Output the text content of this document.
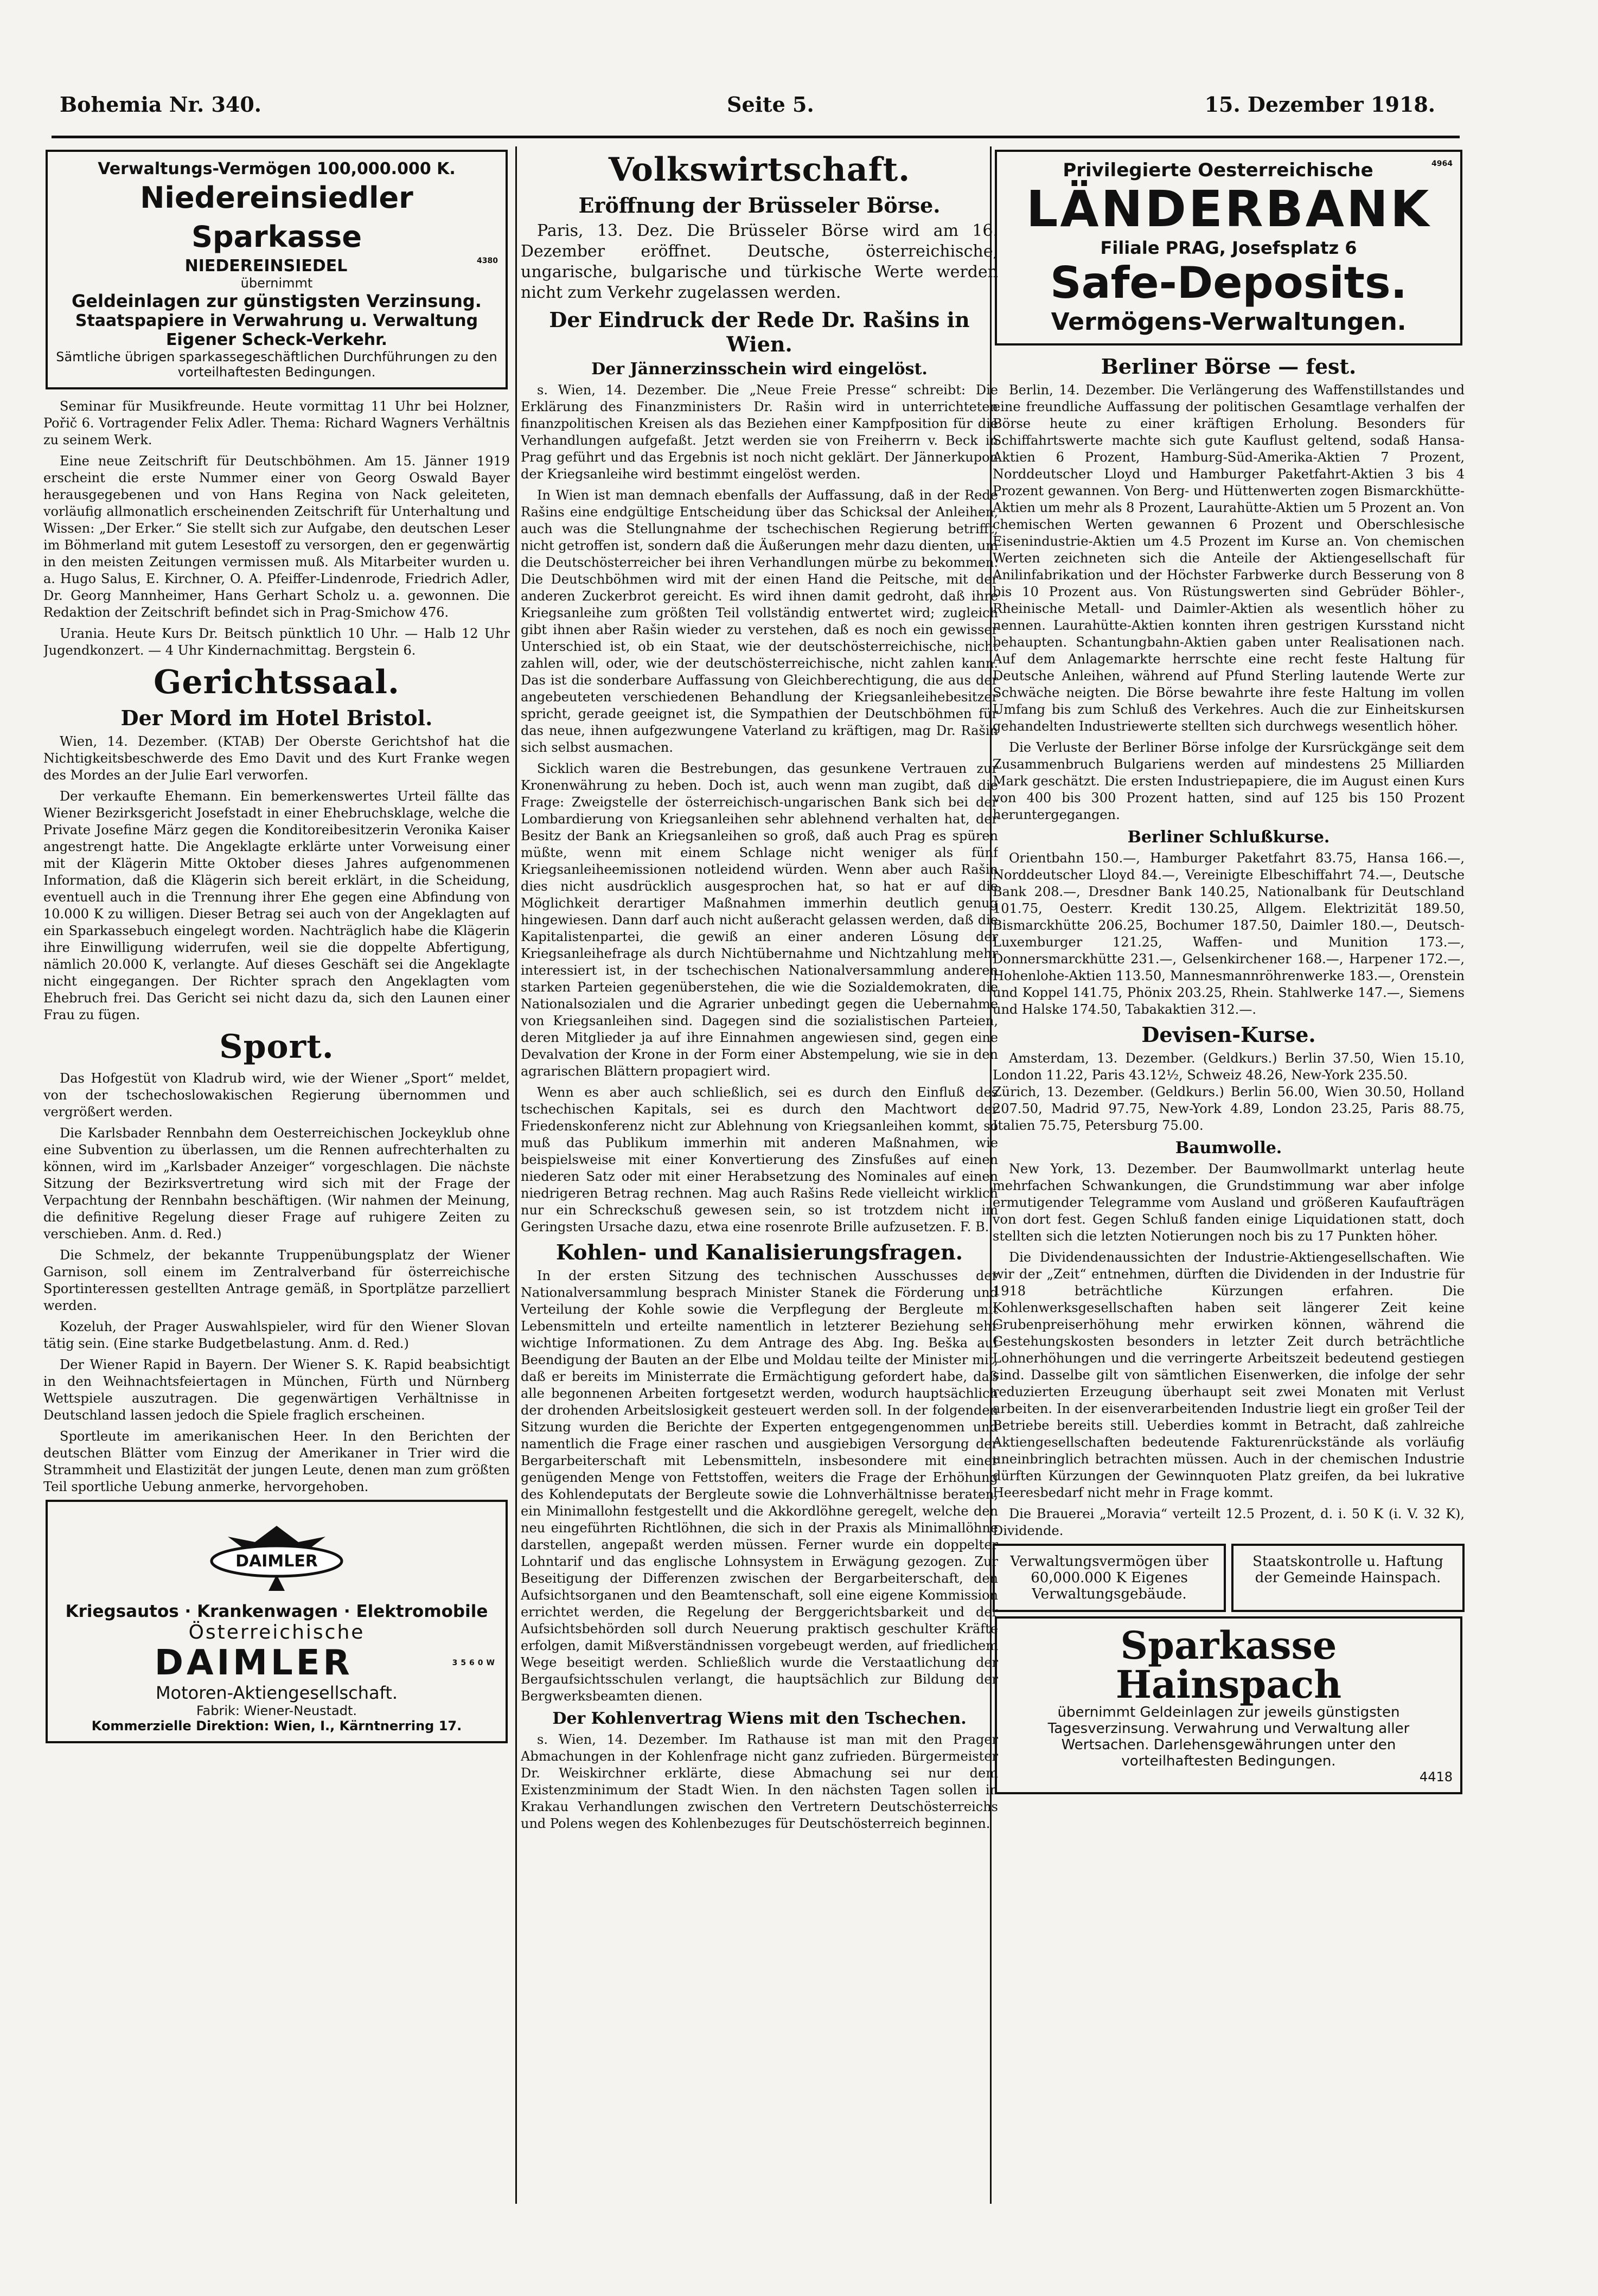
Bohemia Nr. 340.	Seite 5.	15. Dezember 1918.
Verwaltungs-Vermögen 100,000.000 K.
Niedereinsiedler Sparkasse
NIEDEREINSIEDEL	4380
übernimmt
Geldeinlagen zur günstigsten Verzinsung.
Staatspapiere in Verwahrung u. Verwaltung
Eigener Scheck-Verkehr.
Sämtliche übrigen sparkassegeschäftlichen Durchführungen zu den vorteilhaftesten Bedingungen.

Seminar für Musikfreunde. Heute vormittag 11 Uhr bei Holzner, Pořič 6. Vortragender Felix Adler. Thema: Richard Wagners Verhältnis zu seinem Werk.

Eine neue Zeitschrift für Deutschböhmen. Am 15. Jänner 1919 erscheint die erste Nummer einer von Georg Oswald Bayer herausgegebenen und von Hans Regina von Nack geleiteten, vorläufig allmonatlich erscheinenden Zeitschrift für Unterhaltung und Wissen: „Der Erker.“ Sie stellt sich zur Aufgabe, den deutschen Leser im Böhmerland mit gutem Lesestoff zu versorgen, den er gegenwärtig in den meisten Zeitungen vermissen muß. Als Mitarbeiter wurden u. a. Hugo Salus, E. Kirchner, O. A. Pfeiffer-Lindenrode, Friedrich Adler, Dr. Georg Mannheimer, Hans Gerhart Scholz u. a. gewonnen. Die Redaktion der Zeitschrift befindet sich in Prag-Smichow 476.

Urania. Heute Kurs Dr. Beitsch pünktlich 10 Uhr. — Halb 12 Uhr Jugendkonzert. — 4 Uhr Kindernachmittag. Bergstein 6.

Gerichtssaal.
Der Mord im Hotel Bristol.

Wien, 14. Dezember. (KTAB) Der Oberste Gerichtshof hat die Nichtigkeitsbeschwerde des Emo Davit und des Kurt Franke wegen des Mordes an der Julie Earl verworfen.

Der verkaufte Ehemann. Ein bemerkenswertes Urteil fällte das Wiener Bezirksgericht Josefstadt in einer Ehebruchsklage, welche die Private Josefine März gegen die Konditoreibesitzerin Veronika Kaiser angestrengt hatte. Die Angeklagte erklärte unter Vorweisung einer mit der Klägerin Mitte Oktober dieses Jahres aufgenommenen Information, daß die Klägerin sich bereit erklärt, in die Scheidung, eventuell auch in die Trennung ihrer Ehe gegen eine Abfindung von 10.000 K zu willigen. Dieser Betrag sei auch von der Angeklagten auf ein Sparkassebuch eingelegt worden. Nachträglich habe die Klägerin ihre Einwilligung widerrufen, weil sie die doppelte Abfertigung, nämlich 20.000 K, verlangte. Auf dieses Geschäft sei die Angeklagte nicht eingegangen. Der Richter sprach den Angeklagten vom Ehebruch frei. Das Gericht sei nicht dazu da, sich den Launen einer Frau zu fügen.

Sport.

Das Hofgestüt von Kladrub wird, wie der Wiener „Sport“ meldet, von der tschechoslowakischen Regierung übernommen und vergrößert werden.

Die Karlsbader Rennbahn dem Oesterreichischen Jockeyklub ohne eine Subvention zu überlassen, um die Rennen aufrechterhalten zu können, wird im „Karlsbader Anzeiger“ vorgeschlagen. Die nächste Sitzung der Bezirksvertretung wird sich mit der Frage der Verpachtung der Rennbahn beschäftigen. (Wir nahmen der Meinung, die definitive Regelung dieser Frage auf ruhigere Zeiten zu verschieben. Anm. d. Red.)

Die Schmelz, der bekannte Truppenübungsplatz der Wiener Garnison, soll einem im Zentralverband für österreichische Sportinteressen gestellten Antrage gemäß, in Sportplätze parzelliert werden.

Kozeluh, der Prager Auswahlspieler, wird für den Wiener Slovan tätig sein. (Eine starke Budgetbelastung. Anm. d. Red.)

Der Wiener Rapid in Bayern. Der Wiener S. K. Rapid beabsichtigt in den Weihnachtsfeiertagen in München, Fürth und Nürnberg Wettspiele auszutragen. Die gegenwärtigen Verhältnisse in Deutschland lassen jedoch die Spiele fraglich erscheinen.

Sportleute im amerikanischen Heer. In den Berichten der deutschen Blätter vom Einzug der Amerikaner in Trier wird die Strammheit und Elastizität der jungen Leute, denen man zum größten Teil sportliche Uebung anmerke, hervorgehoben.

DAIMLER
Kriegsautos · Krankenwagen · Elektromobile
Österreichische
DAIMLER	3560W
Motoren-Aktiengesellschaft.
Fabrik: Wiener-Neustadt.
Kommerzielle Direktion: Wien, I., Kärntnerring 17.
Volkswirtschaft.
Eröffnung der Brüsseler Börse.

Paris, 13. Dez. Die Brüsseler Börse wird am 16. Dezember eröffnet. Deutsche, österreichische, ungarische, bulgarische und türkische Werte werden nicht zum Verkehr zugelassen werden.

Der Eindruck der Rede Dr. Rašins in Wien.
Der Jännerzinsschein wird eingelöst.

s. Wien, 14. Dezember. Die „Neue Freie Presse“ schreibt: Die Erklärung des Finanzministers Dr. Rašin wird in unterrichteten finanzpolitischen Kreisen als das Beziehen einer Kampfposition für die Verhandlungen aufgefaßt. Jetzt werden sie von Freiherrn v. Beck in Prag geführt und das Ergebnis ist noch nicht geklärt. Der Jännerkupon der Kriegsanleihe wird bestimmt eingelöst werden.

In Wien ist man demnach ebenfalls der Auffassung, daß in der Rede Rašins eine endgültige Entscheidung über das Schicksal der Anleihen, auch was die Stellungnahme der tschechischen Regierung betrifft, nicht getroffen ist, sondern daß die Äußerungen mehr dazu dienten, um die Deutschösterreicher bei ihren Verhandlungen mürbe zu bekommen. Die Deutschböhmen wird mit der einen Hand die Peitsche, mit der anderen Zuckerbrot gereicht. Es wird ihnen damit gedroht, daß ihre Kriegsanleihe zum größten Teil vollständig entwertet wird; zugleich gibt ihnen aber Rašin wieder zu verstehen, daß es noch ein gewisser Unterschied ist, ob ein Staat, wie der deutschösterreichische, nicht zahlen will, oder, wie der deutschösterreichische, nicht zahlen kann. Das ist die sonderbare Auffassung von Gleichberechtigung, die aus der angebeuteten verschiedenen Behandlung der Kriegsanleihebesitzer spricht, gerade geeignet ist, die Sympathien der Deutschböhmen für das neue, ihnen aufgezwungene Vaterland zu kräftigen, mag Dr. Rašin sich selbst ausmachen.

Sicklich waren die Bestrebungen, das gesunkene Vertrauen zur Kronenwährung zu heben. Doch ist, auch wenn man zugibt, daß die Frage: Zweigstelle der österreichisch-ungarischen Bank sich bei der Lombardierung von Kriegsanleihen sehr ablehnend verhalten hat, der Besitz der Bank an Kriegsanleihen so groß, daß auch Prag es spüren müßte, wenn mit einem Schlage nicht weniger als fünf Kriegsanleiheemissionen notleidend würden. Wenn aber auch Rašin dies nicht ausdrücklich ausgesprochen hat, so hat er auf die Möglichkeit derartiger Maßnahmen immerhin deutlich genug hingewiesen. Dann darf auch nicht außeracht gelassen werden, daß die Kapitalistenpartei, die gewiß an einer anderen Lösung der Kriegsanleihefrage als durch Nichtübernahme und Nichtzahlung mehr interessiert ist, in der tschechischen Nationalversammlung anderen starken Parteien gegenüberstehen, die wie die Sozialdemokraten, die Nationalsozialen und die Agrarier unbedingt gegen die Uebernahme von Kriegsanleihen sind. Dagegen sind die sozialistischen Parteien, deren Mitglieder ja auf ihre Einnahmen angewiesen sind, gegen eine Devalvation der Krone in der Form einer Abstempelung, wie sie in den agrarischen Blättern propagiert wird.

Wenn es aber auch schließlich, sei es durch den Einfluß des tschechischen Kapitals, sei es durch den Machtwort der Friedenskonferenz nicht zur Ablehnung von Kriegsanleihen kommt, so muß das Publikum immerhin mit anderen Maßnahmen, wie beispielsweise mit einer Konvertierung des Zinsfußes auf einen niederen Satz oder mit einer Herabsetzung des Nominales auf einen niedrigeren Betrag rechnen. Mag auch Rašins Rede vielleicht wirklich nur ein Schreckschuß gewesen sein, so ist trotzdem nicht im Geringsten Ursache dazu, etwa eine rosenrote Brille aufzusetzen. F. B.

Kohlen- und Kanalisierungsfragen.

In der ersten Sitzung des technischen Ausschusses der Nationalversammlung besprach Minister Stanek die Förderung und Verteilung der Kohle sowie die Verpflegung der Bergleute mit Lebensmitteln und erteilte namentlich in letzterer Beziehung sehr wichtige Informationen. Zu dem Antrage des Abg. Ing. Beška auf Beendigung der Bauten an der Elbe und Moldau teilte der Minister mit, daß er bereits im Ministerrate die Ermächtigung gefordert habe, daß alle begonnenen Arbeiten fortgesetzt werden, wodurch hauptsächlich der drohenden Arbeitslosigkeit gesteuert werden soll. In der folgenden Sitzung wurden die Berichte der Experten entgegengenommen und namentlich die Frage einer raschen und ausgiebigen Versorgung der Bergarbeiterschaft mit Lebensmitteln, insbesondere mit einer genügenden Menge von Fettstoffen, weiters die Frage der Erhöhung des Kohlendeputats der Bergleute sowie die Lohnverhältnisse beraten, ein Minimallohn festgestellt und die Akkordlöhne geregelt, welche den neu eingeführten Richtlöhnen, die sich in der Praxis als Minimallöhne darstellen, angepaßt werden müssen. Ferner wurde ein doppelter Lohntarif und das englische Lohnsystem in Erwägung gezogen. Zur Beseitigung der Differenzen zwischen der Bergarbeiterschaft, den Aufsichtsorganen und den Beamtenschaft, soll eine eigene Kommission errichtet werden, die Regelung der Berggerichtsbarkeit und der Aufsichtsbehörden soll durch Neuerung praktisch geschulter Kräfte erfolgen, damit Mißverständnissen vorgebeugt werden, auf friedlichem Wege beseitigt werden. Schließlich wurde die Verstaatlichung der Bergaufsichtsschulen verlangt, die hauptsächlich zur Bildung der Bergwerksbeamten dienen.

Der Kohlenvertrag Wiens mit den Tschechen.

s. Wien, 14. Dezember. Im Rathause ist man mit den Prager Abmachungen in der Kohlenfrage nicht ganz zufrieden. Bürgermeister Dr. Weiskirchner erklärte, diese Abmachung sei nur dem Existenzminimum der Stadt Wien. In den nächsten Tagen sollen in Krakau Verhandlungen zwischen den Vertretern Deutschösterreichs und Polens wegen des Kohlenbezuges für Deutschösterreich beginnen.

Privilegierte Oesterreichische	4964
LÄNDERBANK
Filiale PRAG, Josefsplatz 6
Safe-Deposits.
Vermögens-Verwaltungen.
Berliner Börse — fest.

Berlin, 14. Dezember. Die Verlängerung des Waffenstillstandes und eine freundliche Auffassung der politischen Gesamtlage verhalfen der Börse heute zu einer kräftigen Erholung. Besonders für Schiffahrtswerte machte sich gute Kauflust geltend, sodaß Hansa-Aktien 6 Prozent, Hamburg-Süd-Amerika-Aktien 7 Prozent, Norddeutscher Lloyd und Hamburger Paketfahrt-Aktien 3 bis 4 Prozent gewannen. Von Berg- und Hüttenwerten zogen Bismarckhütte-Aktien um mehr als 8 Prozent, Laurahütte-Aktien um 5 Prozent an. Von chemischen Werten gewannen 6 Prozent und Oberschlesische Eisenindustrie-Aktien um 4.5 Prozent im Kurse an. Von chemischen Werten zeichneten sich die Anteile der Aktiengesellschaft für Anilinfabrikation und der Höchster Farbwerke durch Besserung von 8 bis 10 Prozent aus. Von Rüstungswerten sind Gebrüder Böhler-, Rheinische Metall- und Daimler-Aktien als wesentlich höher zu nennen. Laurahütte-Aktien konnten ihren gestrigen Kursstand nicht behaupten. Schantungbahn-Aktien gaben unter Realisationen nach. Auf dem Anlagemarkte herrschte eine recht feste Haltung für Deutsche Anleihen, während auf Pfund Sterling lautende Werte zur Schwäche neigten. Die Börse bewahrte ihre feste Haltung im vollen Umfang bis zum Schluß des Verkehres. Auch die zur Einheitskursen gehandelten Industriewerte stellten sich durchwegs wesentlich höher.

Die Verluste der Berliner Börse infolge der Kursrückgänge seit dem Zusammenbruch Bulgariens werden auf mindestens 25 Milliarden Mark geschätzt. Die ersten Industriepapiere, die im August einen Kurs von 400 bis 300 Prozent hatten, sind auf 125 bis 150 Prozent heruntergegangen.

Berliner Schlußkurse.

Orientbahn 150.—, Hamburger Paketfahrt 83.75, Hansa 166.—, Norddeutscher Lloyd 84.—, Vereinigte Elbeschiffahrt 74.—, Deutsche Bank 208.—, Dresdner Bank 140.25, Nationalbank für Deutschland 101.75, Oesterr. Kredit 130.25, Allgem. Elektrizität 189.50, Bismarckhütte 206.25, Bochumer 187.50, Daimler 180.—, Deutsch-Luxemburger 121.25, Waffen- und Munition 173.—, Donnersmarckhütte 231.—, Gelsenkirchener 168.—, Harpener 172.—, Hohenlohe-Aktien 113.50, Mannesmannröhrenwerke 183.—, Orenstein und Koppel 141.75, Phönix 203.25, Rhein. Stahlwerke 147.—, Siemens und Halske 174.50, Tabakaktien 312.—.

Devisen-Kurse.

Amsterdam, 13. Dezember. (Geldkurs.) Berlin 37.50, Wien 15.10, London 11.22, Paris 43.12½, Schweiz 48.26, New-York 235.50.
Zürich, 13. Dezember. (Geldkurs.) Berlin 56.00, Wien 30.50, Holland 207.50, Madrid 97.75, New-York 4.89, London 23.25, Paris 88.75, Italien 75.75, Petersburg 75.00.

Baumwolle.

New York, 13. Dezember. Der Baumwollmarkt unterlag heute mehrfachen Schwankungen, die Grundstimmung war aber infolge ermutigender Telegramme vom Ausland und größeren Kaufaufträgen von dort fest. Gegen Schluß fanden einige Liquidationen statt, doch stellten sich die letzten Notierungen noch bis zu 17 Punkten höher.

Die Dividendenaussichten der Industrie-Aktiengesellschaften. Wie wir der „Zeit“ entnehmen, dürften die Dividenden in der Industrie für 1918 beträchtliche Kürzungen erfahren. Die Kohlenwerksgesellschaften haben seit längerer Zeit keine Grubenpreiserhöhung mehr erwirken können, während die Gestehungskosten besonders in letzter Zeit durch beträchtliche Lohnerhöhungen und die verringerte Arbeitszeit bedeutend gestiegen sind. Dasselbe gilt von sämtlichen Eisenwerken, die infolge der sehr reduzierten Erzeugung überhaupt seit zwei Monaten mit Verlust arbeiten. In der eisenverarbeitenden Industrie liegt ein großer Teil der Betriebe bereits still. Ueberdies kommt in Betracht, daß zahlreiche Aktiengesellschaften bedeutende Fakturenrückstände als vorläufig uneinbringlich betrachten müssen. Auch in der chemischen Industrie dürften Kürzungen der Gewinnquoten Platz greifen, da bei lukrative Heeresbedarf nicht mehr in Frage kommt.

Die Brauerei „Moravia“ verteilt 12.5 Prozent, d. i. 50 K (i. V. 32 K), Dividende.

Verwaltungsvermögen über 60,000.000 K Eigenes Verwaltungsgebäude.
Staatskontrolle u. Haftung der Gemeinde Hainspach.
Sparkasse Hainspach
übernimmt Geldeinlagen zur jeweils günstigsten Tagesverzinsung. Verwahrung und Verwaltung aller Wertsachen. Darlehensgewährungen unter den vorteilhaftesten Bedingungen.
4418
